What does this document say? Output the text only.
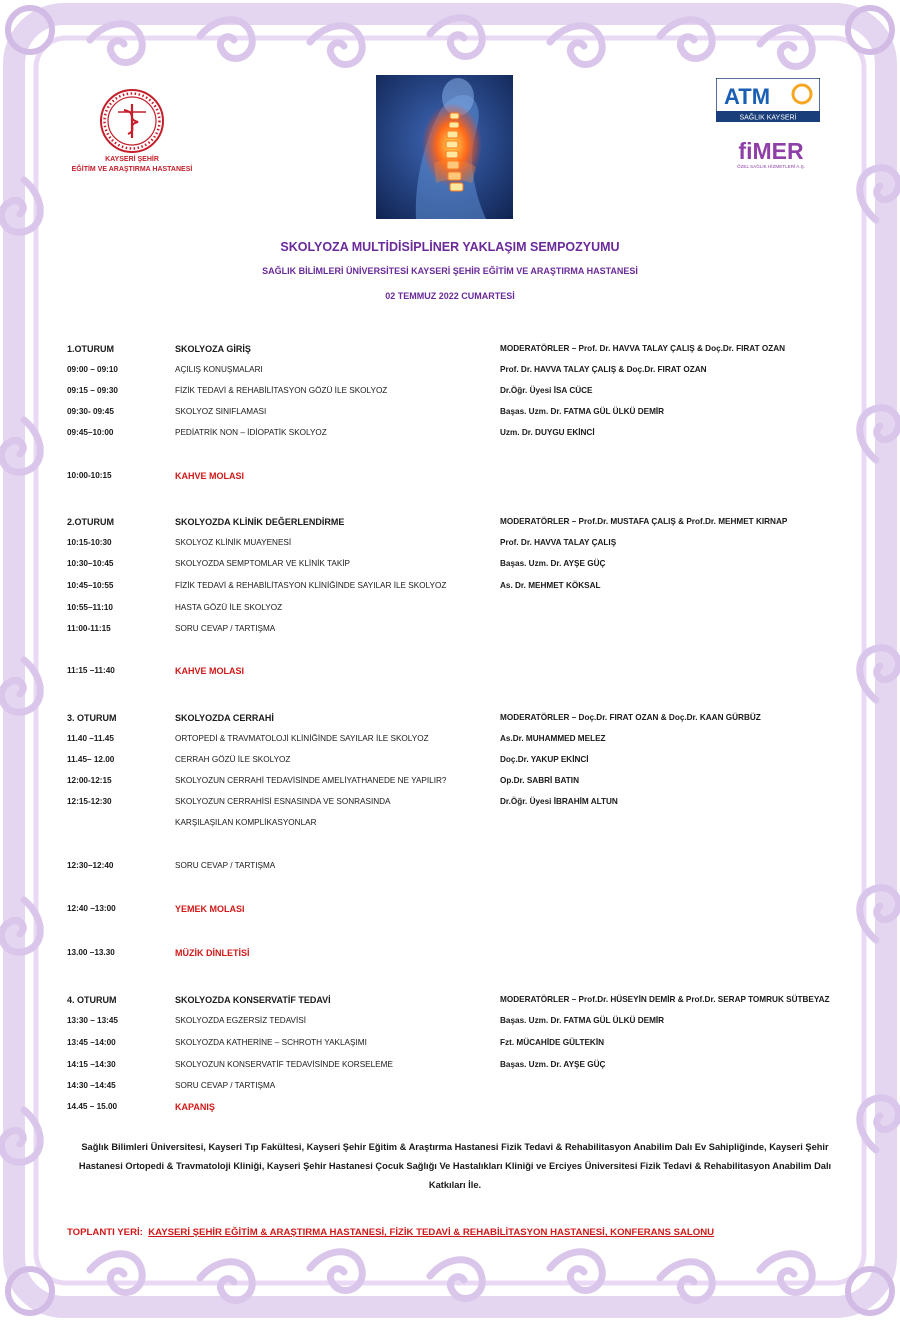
KAYSERİ ŞEHİR
EĞİTİM VE ARAŞTIRMA HASTANESİ
ATM
SAĞLIK KAYSERİ
fiMER
ÖZEL SAĞLIK HİZMETLERİ A.Ş.
SKOLYOZA MULTİDİSİPLİNER YAKLAŞIM SEMPOZYUMU
SAĞLIK BİLİMLERİ ÜNİVERSİTESİ KAYSERİ ŞEHİR EĞİTİM VE ARAŞTIRMA HASTANESİ
02 TEMMUZ 2022 CUMARTESİ
1.OTURUM	SKOLYOZA GİRİŞ	MODERATÖRLER – Prof. Dr. HAVVA TALAY ÇALIŞ & Doç.Dr. FIRAT OZAN
09:00 – 09:10	AÇILIŞ KONUŞMALARI	Prof. Dr. HAVVA TALAY ÇALIŞ & Doç.Dr. FIRAT OZAN
09:15 – 09:30	FİZİK TEDAVİ & REHABİLİTASYON GÖZÜ İLE SKOLYOZ	Dr.Öğr. Üyesi İSA CÜCE
09:30- 09:45	SKOLYOZ SINIFLAMASI	Başas. Uzm. Dr. FATMA GÜL ÜLKÜ DEMİR
09:45–10:00	PEDİATRİK NON – İDİOPATİK SKOLYOZ	Uzm. Dr. DUYGU EKİNCİ
10:00-10:15	KAHVE MOLASI
2.OTURUM	SKOLYOZDA KLİNİK DEĞERLENDİRME	MODERATÖRLER – Prof.Dr. MUSTAFA ÇALIŞ & Prof.Dr. MEHMET KIRNAP
10:15-10:30	SKOLYOZ KLİNİK MUAYENESİ	Prof. Dr. HAVVA TALAY ÇALIŞ
10:30–10:45	SKOLYOZDA SEMPTOMLAR VE KLİNİK TAKİP	Başas. Uzm. Dr. AYŞE GÜÇ
10:45–10:55	FİZİK TEDAVİ & REHABİLİTASYON KLİNİĞİNDE SAYILAR İLE SKOLYOZ	As. Dr. MEHMET KÖKSAL
10:55–11:10	HASTA GÖZÜ İLE SKOLYOZ
11:00-11:15	SORU CEVAP / TARTIŞMA
11:15 –11:40	KAHVE MOLASI
3. OTURUM	SKOLYOZDA CERRAHİ	MODERATÖRLER – Doç.Dr. FIRAT OZAN & Doç.Dr. KAAN GÜRBÜZ
11.40 –11.45	ORTOPEDİ & TRAVMATOLOJİ KLİNİĞİNDE SAYILAR İLE SKOLYOZ	As.Dr. MUHAMMED MELEZ
11.45– 12.00	CERRAH GÖZÜ İLE SKOLYOZ	Doç.Dr. YAKUP EKİNCİ
12:00-12:15	SKOLYOZUN CERRAHİ TEDAVİSİNDE AMELİYATHANEDE NE YAPILIR?	Op.Dr. SABRİ BATIN
12:15-12:30	SKOLYOZUN CERRAHİSİ ESNASINDA VE SONRASINDA	Dr.Öğr. Üyesi İBRAHİM ALTUN
KARŞILAŞILAN KOMPLİKASYONLAR
12:30–12:40	SORU CEVAP / TARTIŞMA
12:40 –13:00	YEMEK MOLASI
13.00 –13.30	MÜZİK DİNLETİSİ
4. OTURUM	SKOLYOZDA KONSERVATİF TEDAVİ	MODERATÖRLER – Prof.Dr. HÜSEYİN DEMİR & Prof.Dr. SERAP TOMRUK SÜTBEYAZ
13:30 – 13:45	SKOLYOZDA EGZERSİZ TEDAVİSİ	Başas. Uzm. Dr. FATMA GÜL ÜLKÜ DEMİR
13:45 –14:00	SKOLYOZDA KATHERİNE – SCHROTH YAKLAŞIMI	Fzt. MÜCAHİDE GÜLTEKİN
14:15 –14:30	SKOLYOZUN KONSERVATİF TEDAVİSİNDE KORSELEME	Başas. Uzm. Dr. AYŞE GÜÇ
14:30 –14:45	SORU CEVAP / TARTIŞMA
14.45 – 15.00	KAPANIŞ
Sağlık Bilimleri Üniversitesi, Kayseri Tıp Fakültesi, Kayseri Şehir Eğitim & Araştırma Hastanesi Fizik Tedavi & Rehabilitasyon Anabilim Dalı Ev Sahipliğinde, Kayseri Şehir Hastanesi Ortopedi & Travmatoloji Kliniği, Kayseri Şehir Hastanesi Çocuk Sağlığı Ve Hastalıkları Kliniği ve Erciyes Üniversitesi Fizik Tedavi & Rehabilitasyon Anabilim Dalı Katkıları İle.
TOPLANTI YERİ: KAYSERİ ŞEHİR EĞİTİM & ARAŞTIRMA HASTANESİ, FİZİK TEDAVİ & REHABİLİTASYON HASTANESİ, KONFERANS SALONU
